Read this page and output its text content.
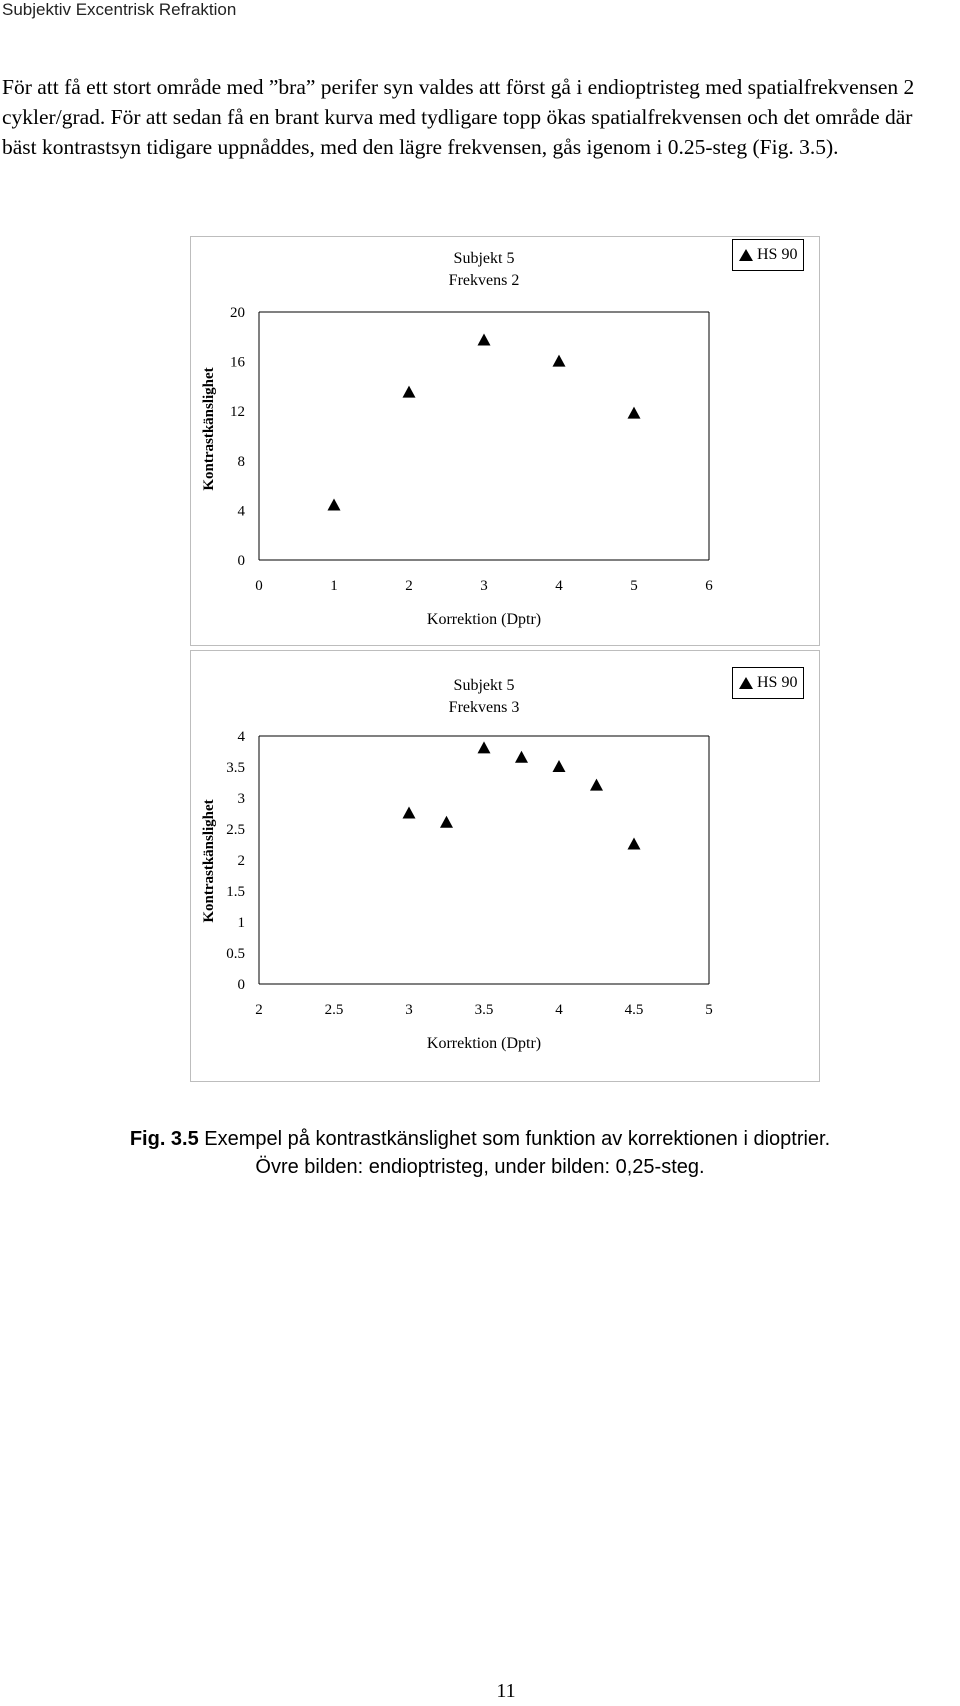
Subjektiv Excentrisk Refraktion
För att få ett stort område med ”bra” perifer syn valdes att först gå i endioptristeg med spatialfrekvensen 2 cykler/grad. För att sedan få en brant kurva med tydligare topp ökas spatialfrekvensen och det område där bäst kontrastsyn tidigare uppnåddes, med den lägre frekvensen, gås igenom i 0.25-steg (Fig. 3.5).
Subjekt 5
Frekvens 2
0
4
8
12
16
20
0	1	2	3	4	5	6
Korrektion (Dptr)
Kontrastkänslighet
HS 90
Subjekt 5
Frekvens 3
0
0.5
1
1.5
2
2.5
3
3.5
4
2	2.5	3	3.5	4	4.5	5
Korrektion (Dptr)
Kontrastkänslighet
HS 90
Fig. 3.5 Exempel på kontrastkänslighet som funktion av korrektionen i dioptrier.
Övre bilden: endioptristeg, under bilden: 0,25-steg.
11
